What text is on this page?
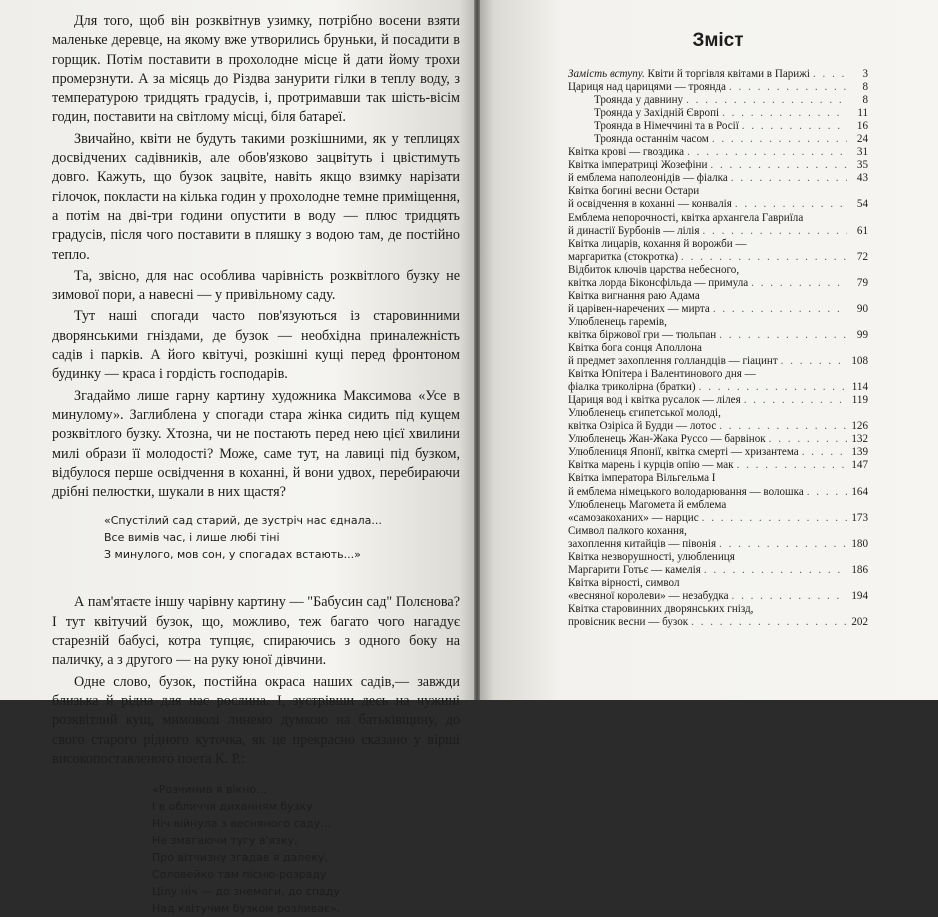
Для того, щоб він розквітнув узимку, потрібно восени взяти маленьке деревце, на якому вже утворились бруньки, й посадити в горщик. Потім поставити в прохолодне місце й дати йому трохи промерзнути. А за місяць до Різдва занурити гілки в теплу воду, з температурою тридцять градусів, і, протримавши так шість-вісім годин, поставити на світлому місці, біля батареї.

Звичайно, квіти не будуть такими розкішними, як у теплицях досвідчених садівників, але обов'язково зацвітуть і цвістимуть довго. Кажуть, що бузок зацвіте, навіть якщо взимку нарізати гілочок, покласти на кілька годин у прохолодне темне приміщення, а потім на дві-три години опустити в воду — плюс тридцять градусів, після чого поставити в пляшку з водою там, де постійно тепло.

Та, звісно, для нас особлива чарівність розквітлого бузку не зимової пори, а навесні — у привільному саду.

Тут наші спогади часто пов'язуються із старовинними дворянськими гніздами, де бузок — необхідна приналежність садів і парків. А його квітучі, розкішні кущі перед фронтоном будинку — краса і гордість господарів.

Згадаймо лише гарну картину художника Максимова «Усе в минулому». Заглиблена у спогади стара жінка сидить під кущем розквітлого бузку. Хтозна, чи не постають перед нею цієї хвилини милі образи її молодості? Може, саме тут, на лавиці під бузком, відбулося перше освідчення в коханні, й вони удвох, перебираючи дрібні пелюстки, шукали в них щастя?

«Спустілий сад старий, де зустріч нас єднала...
Все вимів час, і лише любі тіні
З минулого, мов сон, у спогадах встають...»

А пам'ятаєте іншу чарівну картину — "Бабусин сад" Полєнова? І тут квітучий бузок, що, можливо, теж багато чого нагадує старезній бабусі, котра тупцяє, спираючись з одного боку на паличку, а з другого — на руку юної дівчини.

Одне слово, бузок, постійна окраса наших садів,— завжди близька й рідна для нас рослина. І, зустрівши десь на чужині розквітлий кущ, мимоволі линемо думкою на батьківщину, до свого старого рідного куточка, як це прекрасно сказано у вірші високопоставленого поета К. Р.:

«Розчинив я вікно...
І в обличчя диханням бузку
Ніч війнула з весняного саду...
Не змагаючи тугу в'язку,
Про вітчизну згадав я далеку,
Соловейко там пісню-розраду
Цілу ніч — до знемоги, до спаду
Над квітучим бузком розливає».
Зміст
Замість вступу. Квіти й торгівля квітами в Парижі . . .	3
Цариця над царицями — троянда . . .	8
Троянда у давнину . . .	8
Троянда у Західній Європі . . .	11
Троянда в Німеччині та в Росії . . .	16
Троянда останнім часом . . .	24
Квітка крові — гвоздика . . .	31
Квітка імператриці Жозефіни . . .	35
й емблема наполеонідів — фіалка . . .	43
Квітка богині весни Остари
й освідчення в коханні — конвалія . . .	54
Емблема непорочності, квітка архангела Гавриїла
й династії Бурбонів — лілія . . .	61
Квітка лицарів, кохання й ворожби —
маргаритка (стокротка) . . .	72
Відбиток ключів царства небесного,
квітка лорда Біконсфільда — примула . . .	79
Квітка вигнання раю Адама
й царівен-наречених — мирта . . .	90
Улюбленець гаремів,
квітка біржової гри — тюльпан . . .	99
Квітка бога сонця Аполлона
й предмет захоплення голландців — гіацинт . . .	108
Квітка Юпітера і Валентинового дня —
фіалка триколірна (братки) . . .	114
Цариця вод і квітка русалок — лілея . . .	119
Улюбленець єгипетської молоді,
квітка Озіріса й Будди — лотос . . .	126
Улюбленець Жан-Жака Руссо — барвінок . . .	132
Улюблениця Японії, квітка смерті — хризантема . . .	139
Квітка марень і курців опію — мак . . .	147
Квітка імператора Вільгельма I
й емблема німецького володарювання — волошка . . .	164
Улюбленець Магомета й емблема
«самозакоханих» — нарцис . . .	173
Символ палкого кохання,
захоплення китайців — півонія . . .	180
Квітка незворушності, улюблениця
Маргарити Готьє — камелія . . .	186
Квітка вірності, символ
«весняної королеви» — незабудка . . .	194
Квітка старовинних дворянських гнізд,
провісник весни — бузок . . .	202
